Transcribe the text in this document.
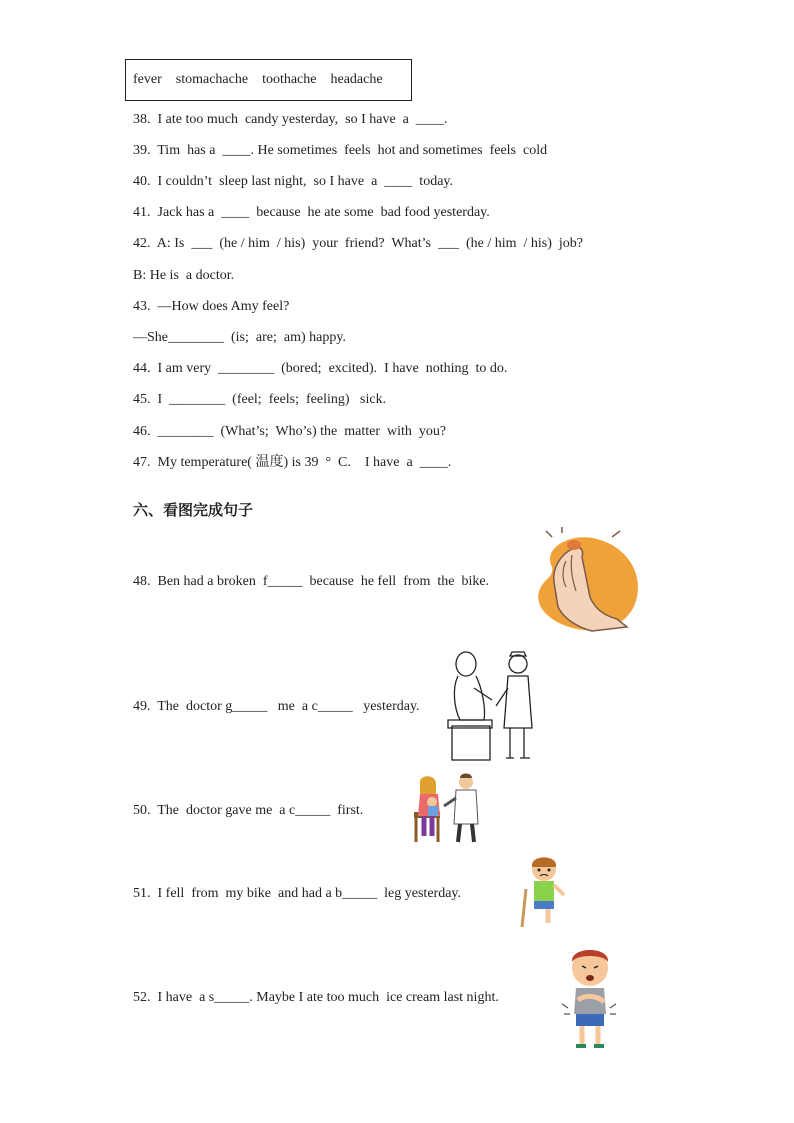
fever stomachache toothache headache
38.  I ate too much  candy yesterday,  so I have  a  ____.
39.  Tim  has a  ____. He sometimes  feels  hot and sometimes  feels  cold
40.  I couldn’t  sleep last night,  so I have  a  ____  today.
41.  Jack has a  ____  because  he ate some  bad food yesterday.
42.  A: Is  ___  (he / him  / his)  your  friend?  What’s  ___  (he / him  / his)  job?
B: He is  a doctor.
43.  —How does Amy feel?
—She________  (is;  are;  am) happy.
44.  I am very  ________  (bored;  excited).  I have  nothing  to do.
45.  I  ________  (feel;  feels;  feeling)   sick.
46.  ________  (What’s;  Who’s) the  matter  with  you?
47.  My temperature( 温度) is 39  °  C.    I have  a  ____.
六、看图完成句子
48.  Ben had a broken  f_____  because  he fell  from  the  bike.
49.  The  doctor g_____   me  a c_____   yesterday.
50.  The  doctor gave me  a c_____  first.
51.  I fell  from  my bike  and had a b_____  leg yesterday.
52.  I have  a s_____. Maybe I ate too much  ice cream last night.
